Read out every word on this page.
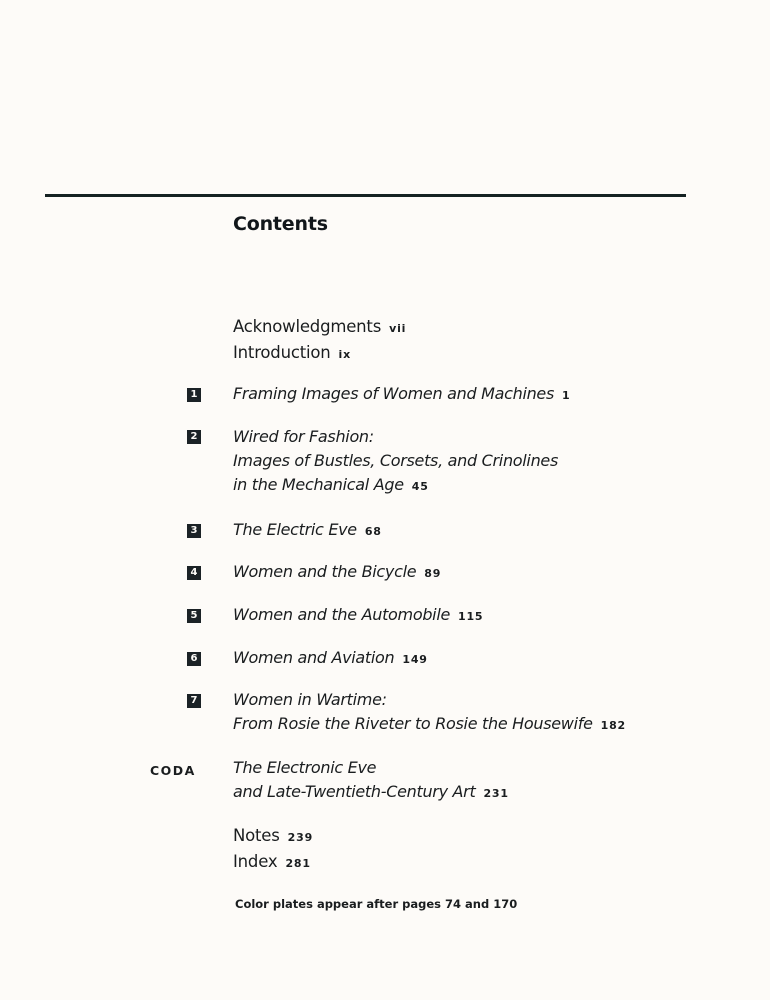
Contents
Acknowledgments vii
Introduction ix
1 Framing Images of Women and Machines 1
2 Wired for Fashion:
Images of Bustles, Corsets, and Crinolines
in the Mechanical Age 45
3 The Electric Eve 68
4 Women and the Bicycle 89
5 Women and the Automobile 115
6 Women and Aviation 149
7 Women in Wartime:
From Rosie the Riveter to Rosie the Housewife 182
CODA The Electronic Eve
and Late-Twentieth-Century Art 231
Notes 239
Index 281
Color plates appear after pages 74 and 170
